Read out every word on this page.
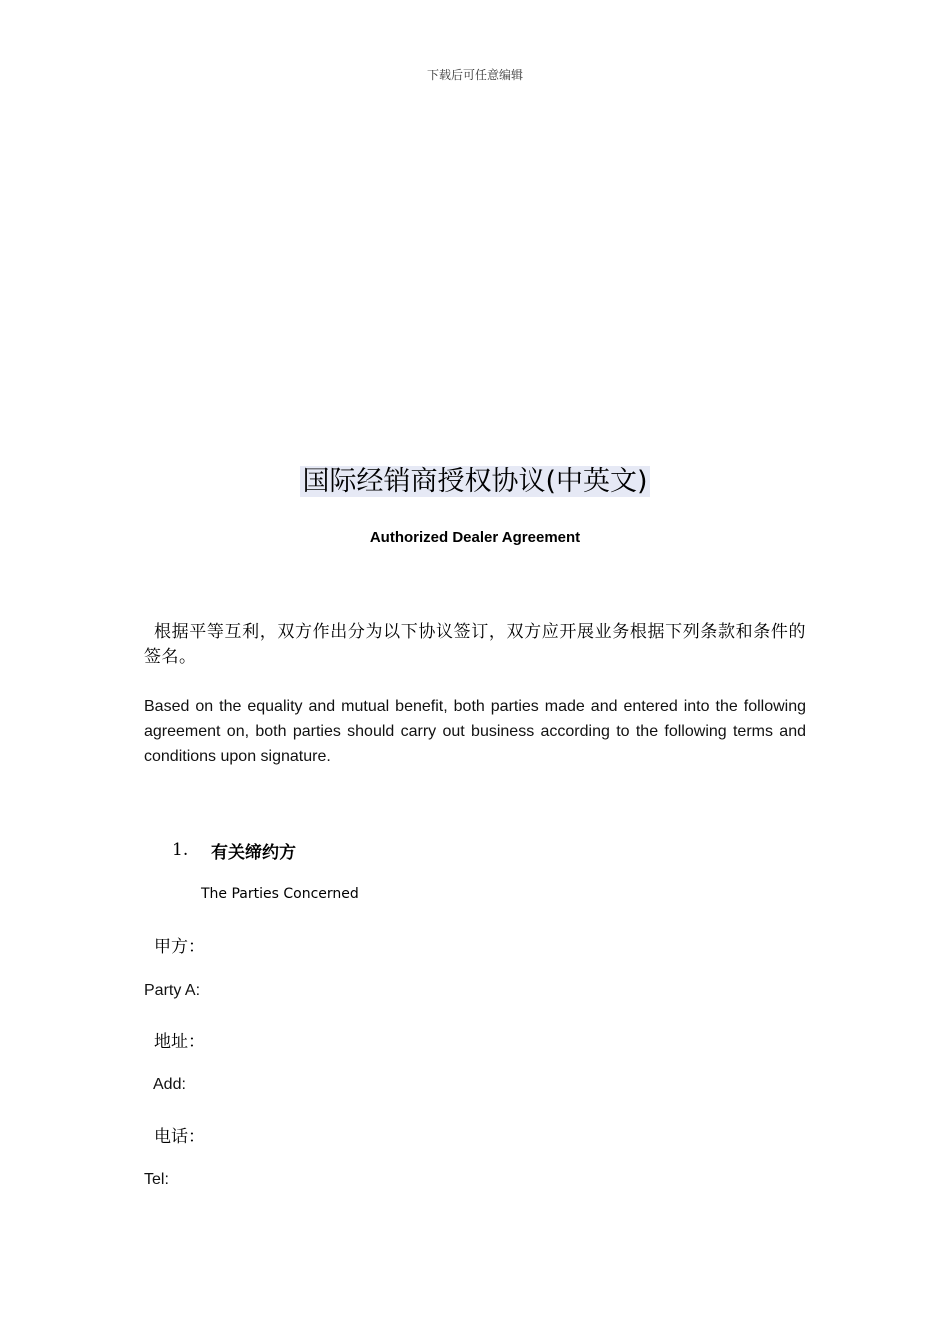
下载后可任意编辑
国际经销商授权协议(中英文)
Authorized Dealer Agreement
根据平等互利，双方作出分为以下协议签订，双方应开展业务根据下列条款和条件的签名。
Based on the equality and mutual benefit, both parties made and entered into the following agreement on, both parties should carry out business according to the following terms and conditions upon signature.
1. 有关缔约方
The Parties Concerned
甲方：
Party A:
地址：
Add:
电话：
Tel:
